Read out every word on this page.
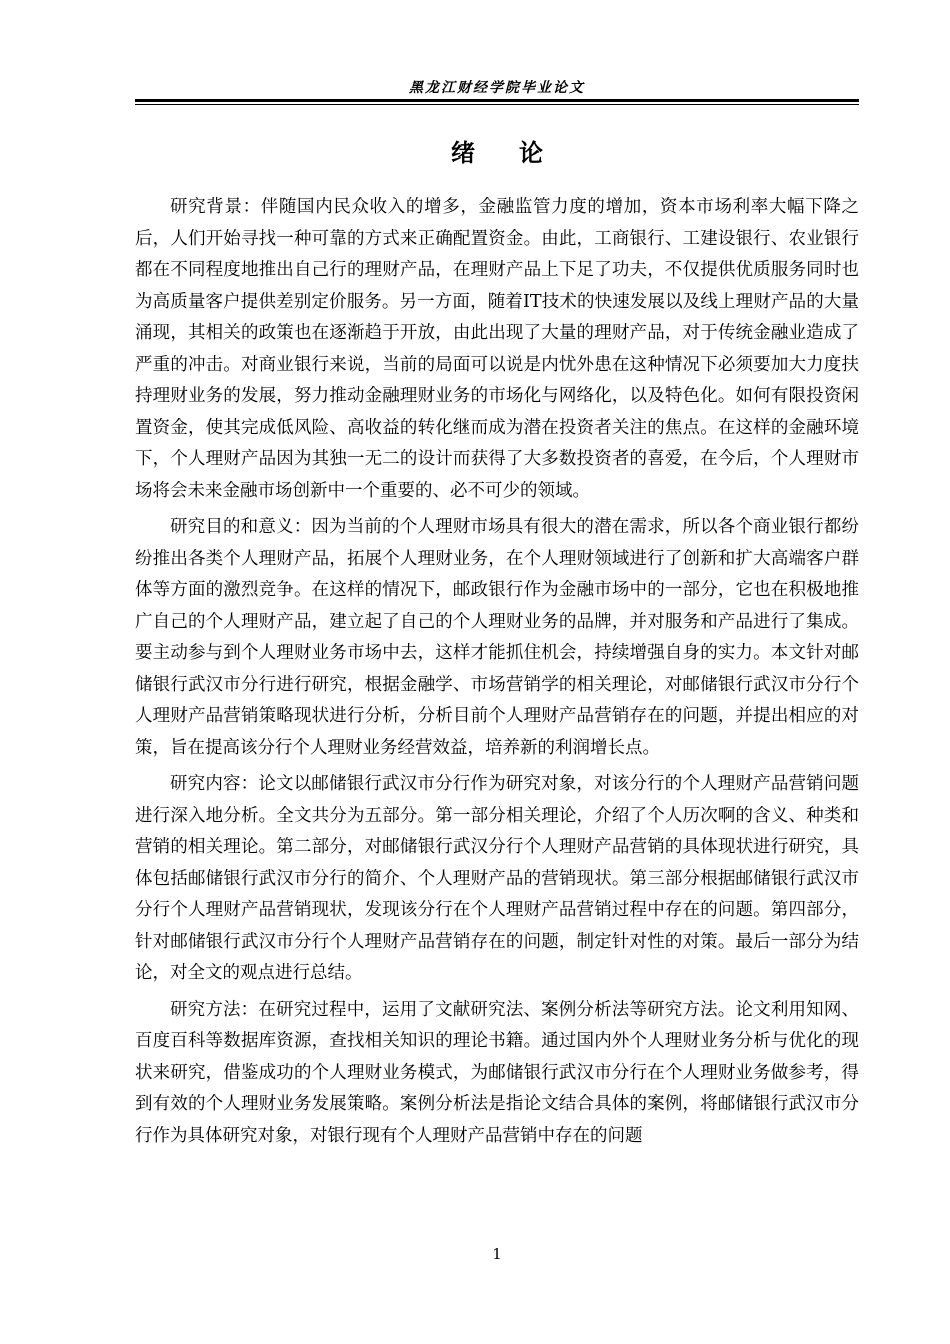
黑龙江财经学院毕业论文
绪论

研究背景：伴随国内民众收入的增多，金融监管力度的增加，资本市场利率大幅下降之后，人们开始寻找一种可靠的方式来正确配置资金。由此，工商银行、工建设银行、农业银行都在不同程度地推出自己行的理财产品，在理财产品上下足了功夫，不仅提供优质服务同时也为高质量客户提供差别定价服务。另一方面，随着IT技术的快速发展以及线上理财产品的大量涌现，其相关的政策也在逐渐趋于开放，由此出现了大量的理财产品，对于传统金融业造成了严重的冲击。对商业银行来说，当前的局面可以说是内忧外患在这种情况下必须要加大力度扶持理财业务的发展，努力推动金融理财业务的市场化与网络化，以及特色化。如何有限投资闲置资金，使其完成低风险、高收益的转化继而成为潜在投资者关注的焦点。在这样的金融环境下，个人理财产品因为其独一无二的设计而获得了大多数投资者的喜爱，在今后，个人理财市场将会未来金融市场创新中一个重要的、必不可少的领域。

研究目的和意义：因为当前的个人理财市场具有很大的潜在需求，所以各个商业银行都纷纷推出各类个人理财产品，拓展个人理财业务，在个人理财领域进行了创新和扩大高端客户群体等方面的激烈竞争。在这样的情况下，邮政银行作为金融市场中的一部分，它也在积极地推广自己的个人理财产品，建立起了自己的个人理财业务的品牌，并对服务和产品进行了集成。要主动参与到个人理财业务市场中去，这样才能抓住机会，持续增强自身的实力。本文针对邮储银行武汉市分行进行研究，根据金融学、市场营销学的相关理论，对邮储银行武汉市分行个人理财产品营销策略现状进行分析，分析目前个人理财产品营销存在的问题，并提出相应的对策，旨在提高该分行个人理财业务经营效益，培养新的利润增长点。

研究内容：论文以邮储银行武汉市分行作为研究对象，对该分行的个人理财产品营销问题进行深入地分析。全文共分为五部分。第一部分相关理论，介绍了个人历次啊的含义、种类和营销的相关理论。第二部分，对邮储银行武汉分行个人理财产品营销的具体现状进行研究，具体包括邮储银行武汉市分行的简介、个人理财产品的营销现状。第三部分根据邮储银行武汉市分行个人理财产品营销现状，发现该分行在个人理财产品营销过程中存在的问题。第四部分，针对邮储银行武汉市分行个人理财产品营销存在的问题，制定针对性的对策。最后一部分为结论，对全文的观点进行总结。

研究方法：在研究过程中，运用了文献研究法、案例分析法等研究方法。论文利用知网、百度百科等数据库资源，查找相关知识的理论书籍。通过国内外个人理财业务分析与优化的现状来研究，借鉴成功的个人理财业务模式，为邮储银行武汉市分行在个人理财业务做参考，得到有效的个人理财业务发展策略。案例分析法是指论文结合具体的案例，将邮储银行武汉市分行作为具体研究对象，对银行现有个人理财产品营销中存在的问题

1
